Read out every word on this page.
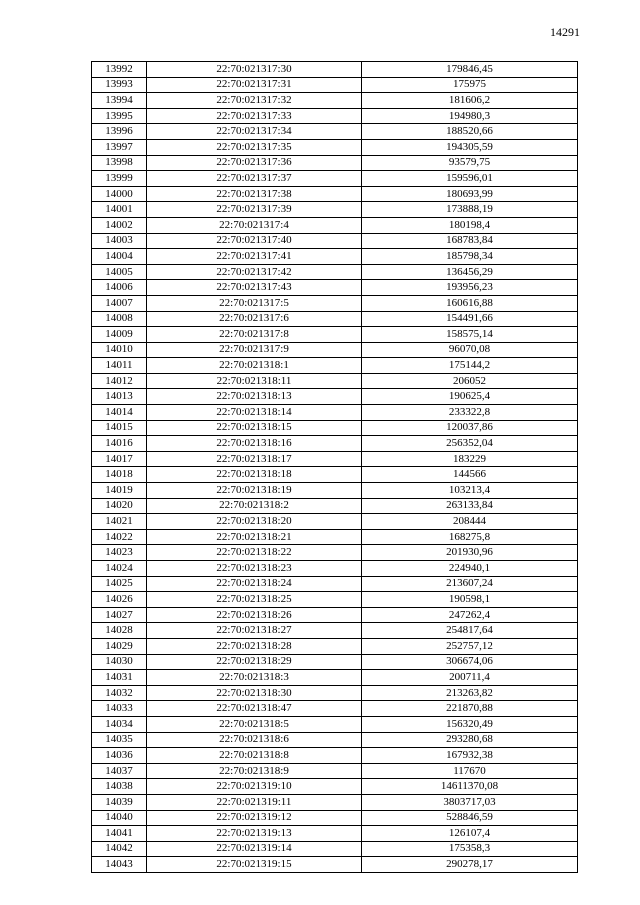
14291
13992	22:70:021317:30	179846,45
13993	22:70:021317:31	175975
13994	22:70:021317:32	181606,2
13995	22:70:021317:33	194980,3
13996	22:70:021317:34	188520,66
13997	22:70:021317:35	194305,59
13998	22:70:021317:36	93579,75
13999	22:70:021317:37	159596,01
14000	22:70:021317:38	180693,99
14001	22:70:021317:39	173888,19
14002	22:70:021317:4	180198,4
14003	22:70:021317:40	168783,84
14004	22:70:021317:41	185798,34
14005	22:70:021317:42	136456,29
14006	22:70:021317:43	193956,23
14007	22:70:021317:5	160616,88
14008	22:70:021317:6	154491,66
14009	22:70:021317:8	158575,14
14010	22:70:021317:9	96070,08
14011	22:70:021318:1	175144,2
14012	22:70:021318:11	206052
14013	22:70:021318:13	190625,4
14014	22:70:021318:14	233322,8
14015	22:70:021318:15	120037,86
14016	22:70:021318:16	256352,04
14017	22:70:021318:17	183229
14018	22:70:021318:18	144566
14019	22:70:021318:19	103213,4
14020	22:70:021318:2	263133,84
14021	22:70:021318:20	208444
14022	22:70:021318:21	168275,8
14023	22:70:021318:22	201930,96
14024	22:70:021318:23	224940,1
14025	22:70:021318:24	213607,24
14026	22:70:021318:25	190598,1
14027	22:70:021318:26	247262,4
14028	22:70:021318:27	254817,64
14029	22:70:021318:28	252757,12
14030	22:70:021318:29	306674,06
14031	22:70:021318:3	200711,4
14032	22:70:021318:30	213263,82
14033	22:70:021318:47	221870,88
14034	22:70:021318:5	156320,49
14035	22:70:021318:6	293280,68
14036	22:70:021318:8	167932,38
14037	22:70:021318:9	117670
14038	22:70:021319:10	14611370,08
14039	22:70:021319:11	3803717,03
14040	22:70:021319:12	528846,59
14041	22:70:021319:13	126107,4
14042	22:70:021319:14	175358,3
14043	22:70:021319:15	290278,17
